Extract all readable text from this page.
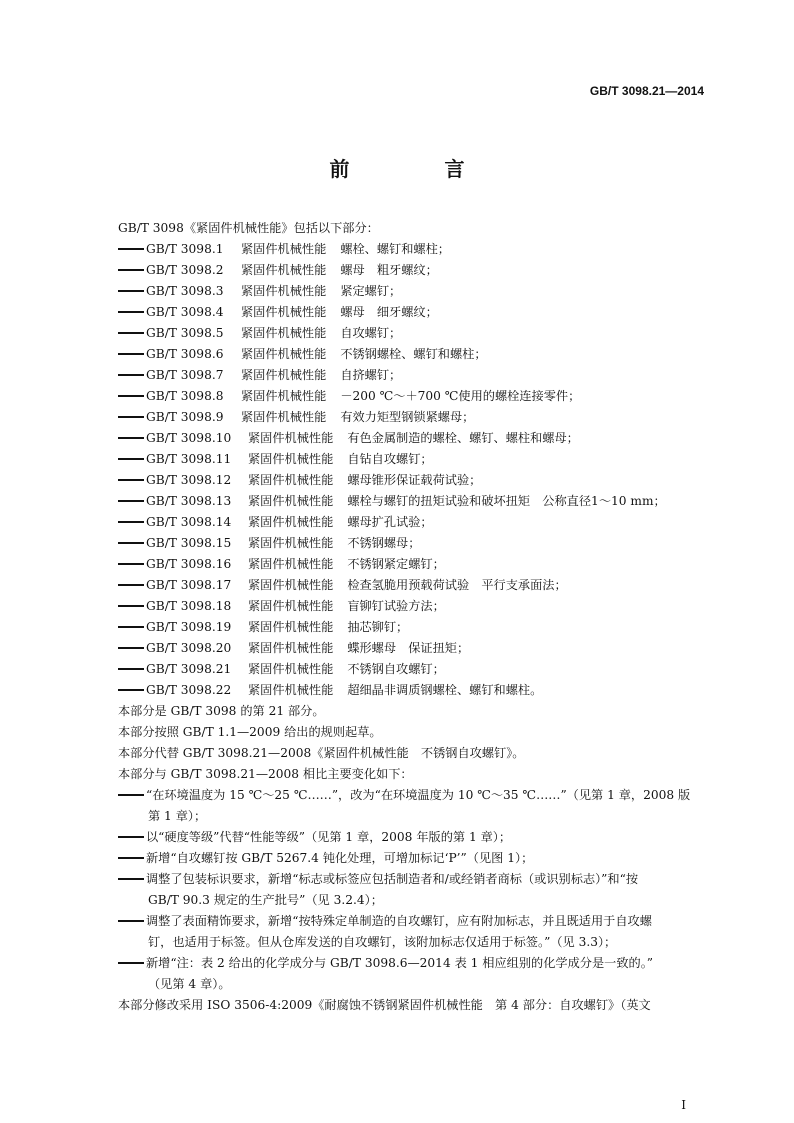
GB/T 3098.21—2014
前 言
GB/T 3098《紧固件机械性能》包括以下部分：
GB/T 3098.1 紧固件机械性能 螺栓、螺钉和螺柱；
GB/T 3098.2 紧固件机械性能 螺母　粗牙螺纹；
GB/T 3098.3 紧固件机械性能 紧定螺钉；
GB/T 3098.4 紧固件机械性能 螺母　细牙螺纹；
GB/T 3098.5 紧固件机械性能 自攻螺钉；
GB/T 3098.6 紧固件机械性能 不锈钢螺栓、螺钉和螺柱；
GB/T 3098.7 紧固件机械性能 自挤螺钉；
GB/T 3098.8 紧固件机械性能 －200 ℃～＋700 ℃使用的螺栓连接零件；
GB/T 3098.9 紧固件机械性能 有效力矩型钢锁紧螺母；
GB/T 3098.10 紧固件机械性能 有色金属制造的螺栓、螺钉、螺柱和螺母；
GB/T 3098.11 紧固件机械性能 自钻自攻螺钉；
GB/T 3098.12 紧固件机械性能 螺母锥形保证载荷试验；
GB/T 3098.13 紧固件机械性能 螺栓与螺钉的扭矩试验和破坏扭矩　公称直径1～10 mm；
GB/T 3098.14 紧固件机械性能 螺母扩孔试验；
GB/T 3098.15 紧固件机械性能 不锈钢螺母；
GB/T 3098.16 紧固件机械性能 不锈钢紧定螺钉；
GB/T 3098.17 紧固件机械性能 检查氢脆用预载荷试验　平行支承面法；
GB/T 3098.18 紧固件机械性能 盲铆钉试验方法；
GB/T 3098.19 紧固件机械性能 抽芯铆钉；
GB/T 3098.20 紧固件机械性能 蝶形螺母　保证扭矩；
GB/T 3098.21 紧固件机械性能 不锈钢自攻螺钉；
GB/T 3098.22 紧固件机械性能 超细晶非调质钢螺栓、螺钉和螺柱。
本部分是 GB/T 3098 的第 21 部分。
本部分按照 GB/T 1.1—2009 给出的规则起草。
本部分代替 GB/T 3098.21—2008《紧固件机械性能　不锈钢自攻螺钉》。
本部分与 GB/T 3098.21—2008 相比主要变化如下：
“在环境温度为 15 ℃～25 ℃……”，改为“在环境温度为 10 ℃～35 ℃……”（见第 1 章，2008 版
第 1 章）；
以“硬度等级”代替“性能等级”（见第 1 章，2008 年版的第 1 章）；
新增“自攻螺钉按 GB/T 5267.4 钝化处理，可增加标记‘P’”（见图 1）；
调整了包装标识要求，新增“标志或标签应包括制造者和/或经销者商标（或识别标志）”和“按
GB/T 90.3 规定的生产批号”（见 3.2.4）；
调整了表面精饰要求，新增“按特殊定单制造的自攻螺钉，应有附加标志，并且既适用于自攻螺
钉，也适用于标签。但从仓库发送的自攻螺钉，该附加标志仅适用于标签。”（见 3.3）；
新增“注：表 2 给出的化学成分与 GB/T 3098.6—2014 表 1 相应组别的化学成分是一致的。”
（见第 4 章）。
本部分修改采用 ISO 3506-4:2009《耐腐蚀不锈钢紧固件机械性能　第 4 部分：自攻螺钉》（英文
I
